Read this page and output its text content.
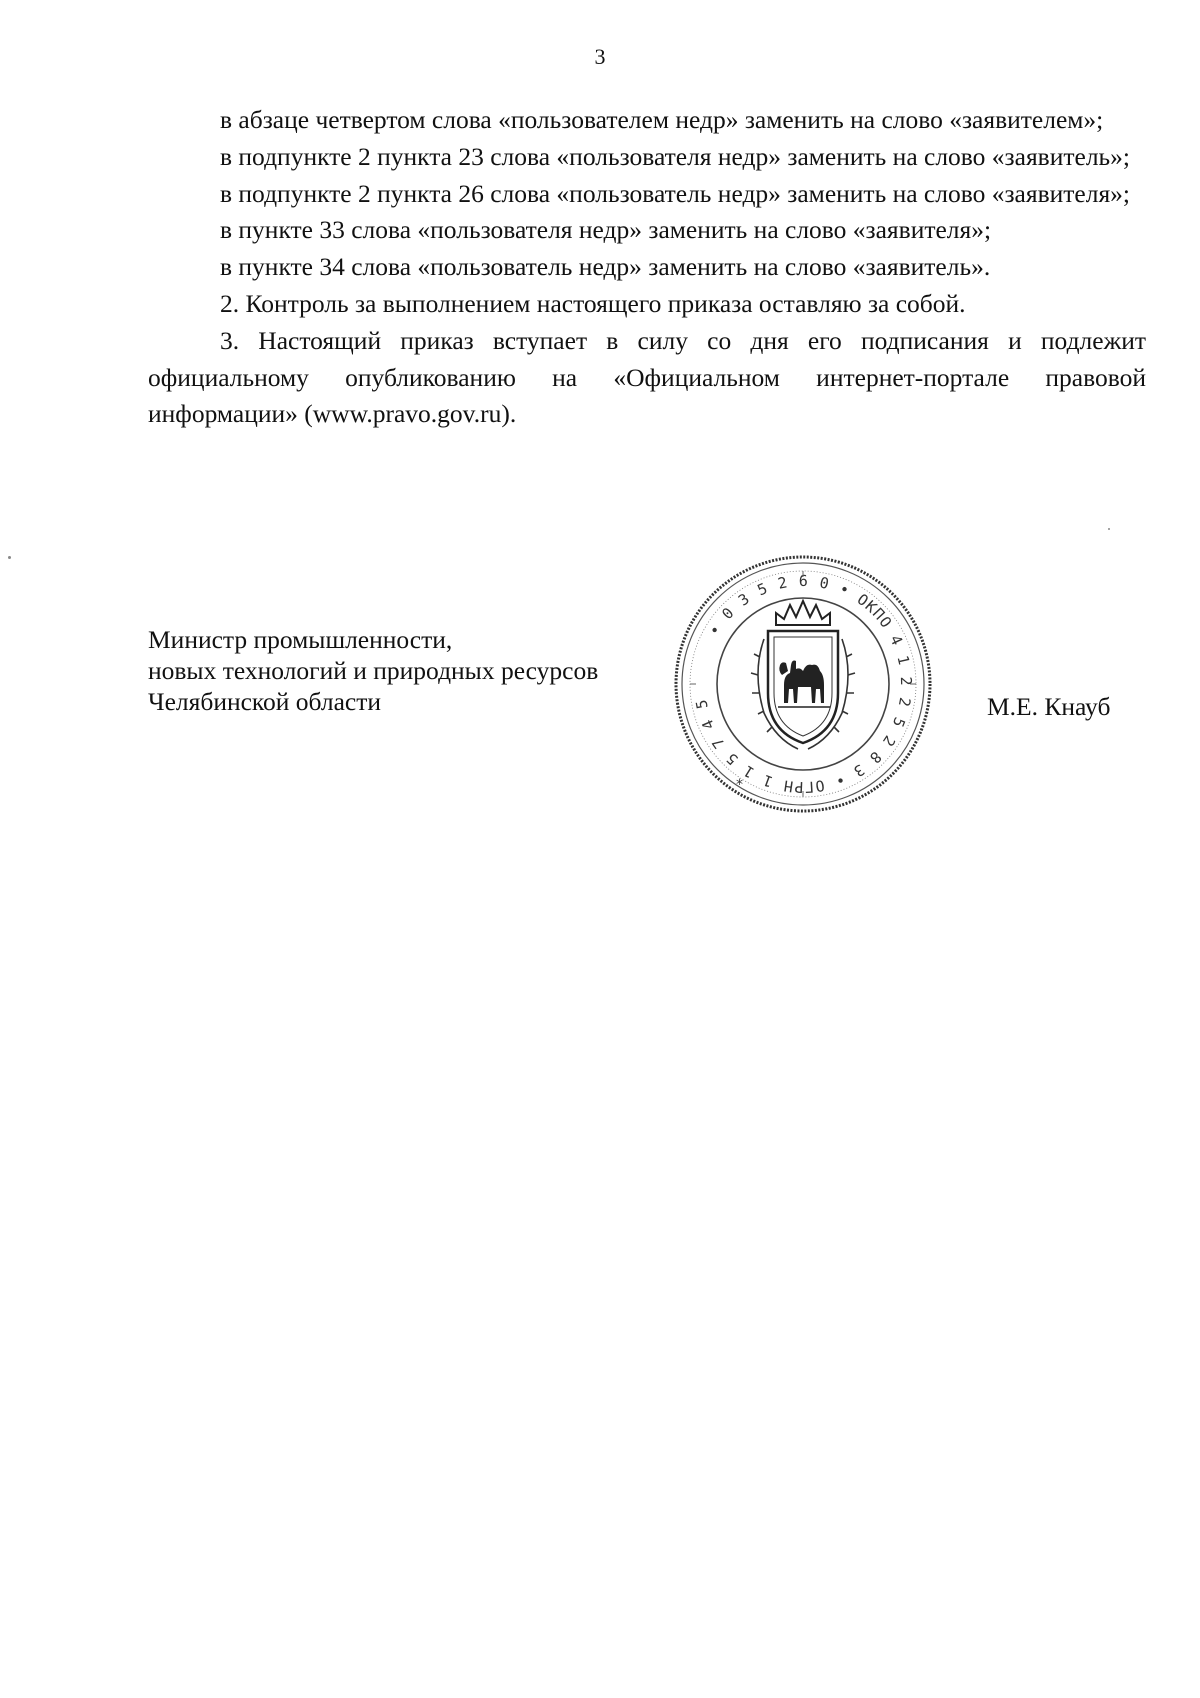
3

в абзаце четвертом слова «пользователем недр» заменить на слово «заявителем»;

в подпункте 2 пункта 23 слова «пользователя недр» заменить на слово «заявитель»;

в подпункте 2 пункта 26 слова «пользователь недр» заменить на слово «заявителя»;

в пункте 33 слова «пользователя недр» заменить на слово «заявителя»;

в пункте 34 слова «пользователь недр» заменить на слово «заявитель».

2. Контроль за выполнением настоящего приказа оставляю за собой.

3. Настоящий приказ вступает в силу со дня его подписания и подлежит официальному опубликованию на «Официальном интернет-портале правовой информации» (www.pravo.gov.ru).

Министр промышленности,
новых технологий и природных ресурсов
Челябинской области
• 0 3 5 2 6 0 • ОКПО 4 1 2 2 5 2 8 3 • ОГРН 1 1 5 7 4 5
*
М.Е. Кнауб
